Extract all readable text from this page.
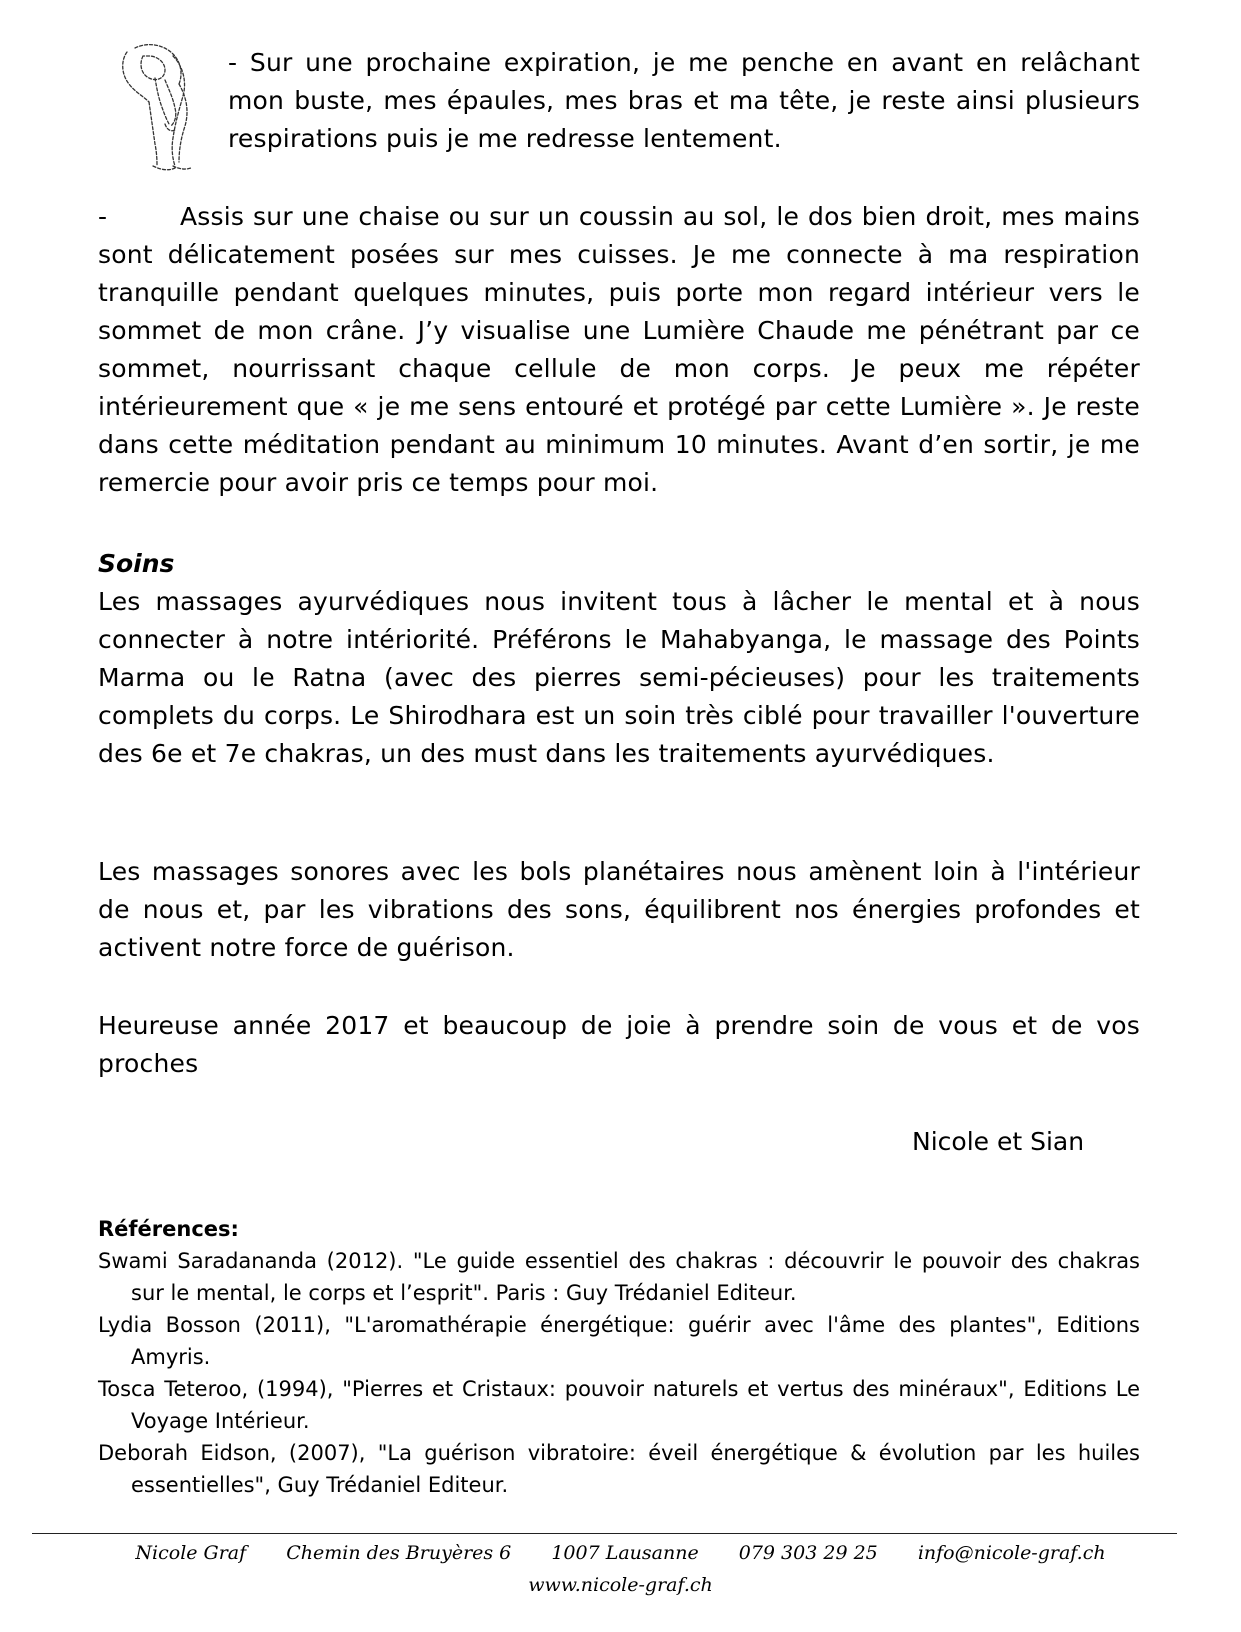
- Sur une prochaine expiration, je me penche en avant en relâchant mon buste, mes épaules, mes bras et ma tête, je reste ainsi plusieurs respirations puis je me redresse lentement.

-	Assis sur une chaise ou sur un coussin au sol, le dos bien droit, mes mains sont délicatement posées sur mes cuisses. Je me connecte à ma respiration tranquille pendant quelques minutes, puis porte mon regard intérieur vers le sommet de mon crâne. J’y visualise une Lumière Chaude me pénétrant par ce sommet, nourrissant chaque cellule de mon corps. Je peux me répéter intérieurement que « je me sens entouré et protégé par cette Lumière ». Je reste dans cette méditation pendant au minimum 10 minutes. Avant d’en sortir, je me remercie pour avoir pris ce temps pour moi.

Soins

Les massages ayurvédiques nous invitent tous à lâcher le mental et à nous connecter à notre intériorité. Préférons le Mahabyanga, le massage des Points Marma ou le Ratna (avec des pierres semi-pécieuses) pour les traitements complets du corps. Le Shirodhara est un soin très ciblé pour travailler l'ouverture des 6e et 7e chakras, un des must dans les traitements ayurvédiques.

Les massages sonores avec les bols planétaires nous amènent loin à l'intérieur de nous et, par les vibrations des sons, équilibrent nos énergies profondes et activent notre force de guérison.

Heureuse année 2017 et beaucoup de joie à prendre soin de vous et de vos proches

Nicole et Sian
Références:
Swami Saradananda (2012). "Le guide essentiel des chakras : découvrir le pouvoir des chakras sur le mental, le corps et l’esprit". Paris : Guy Trédaniel Editeur.
Lydia Bosson (2011), "L'aromathérapie énergétique: guérir avec l'âme des plantes", Editions Amyris.
Tosca Teteroo, (1994), "Pierres et Cristaux: pouvoir naturels et vertus des minéraux", Editions Le Voyage Intérieur.
Deborah Eidson, (2007), "La guérison vibratoire: éveil énergétique & évolution par les huiles essentielles", Guy Trédaniel Editeur.
Nicole Graf Chemin des Bruyères 6 1007 Lausanne 079 303 29 25 info@nicole-graf.ch
www.nicole-graf.ch
